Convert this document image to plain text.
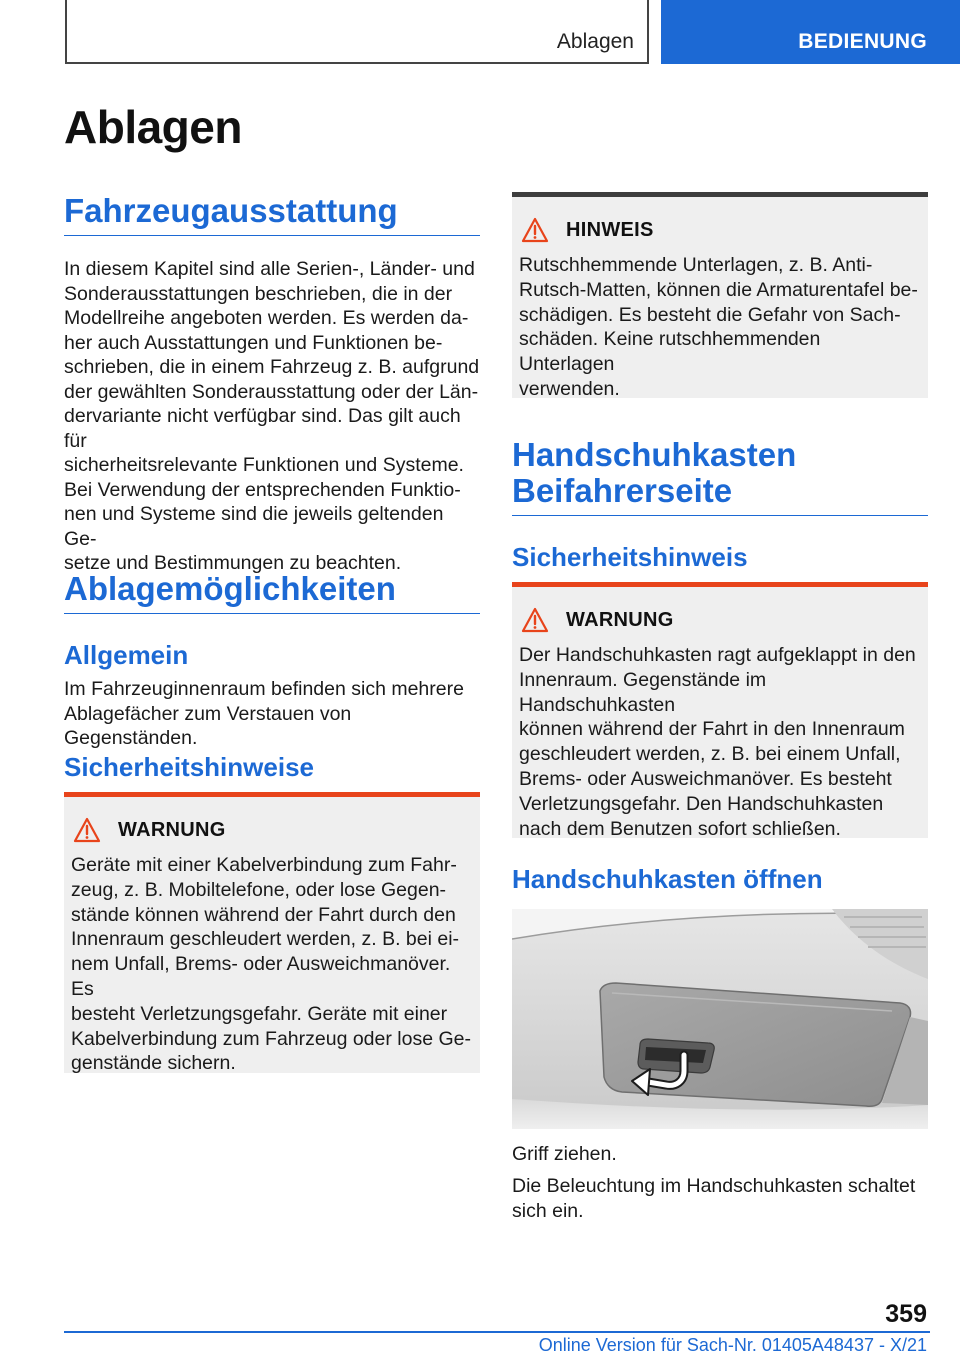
Ablagen	BEDIENUNG
Ablagen
Fahrzeugausstattung
In diesem Kapitel sind alle Serien-, Länder- und
Sonderausstattungen beschrieben, die in der
Modellreihe angeboten werden. Es werden da-
her auch Ausstattungen und Funktionen be-
schrieben, die in einem Fahrzeug z. B. aufgrund
der gewählten Sonderausstattung oder der Län-
dervariante nicht verfügbar sind. Das gilt auch für
sicherheitsrelevante Funktionen und Systeme.
Bei Verwendung der entsprechenden Funktio-
nen und Systeme sind die jeweils geltenden Ge-
setze und Bestimmungen zu beachten.
Ablagemöglichkeiten
Allgemein
Im Fahrzeuginnenraum befinden sich mehrere
Ablagefächer zum Verstauen von Gegenständen.
Sicherheitshinweise
WARNUNG
Geräte mit einer Kabelverbindung zum Fahr-
zeug, z. B. Mobiltelefone, oder lose Gegen-
stände können während der Fahrt durch den
Innenraum geschleudert werden, z. B. bei ei-
nem Unfall, Brems- oder Ausweichmanöver. Es
besteht Verletzungsgefahr. Geräte mit einer
Kabelverbindung zum Fahrzeug oder lose Ge-
genstände sichern.
HINWEIS
Rutschhemmende Unterlagen, z. B. Anti-
Rutsch-Matten, können die Armaturentafel be-
schädigen. Es besteht die Gefahr von Sach-
schäden. Keine rutschhemmenden Unterlagen
verwenden.
Handschuhkasten
Beifahrerseite
Sicherheitshinweis
WARNUNG
Der Handschuhkasten ragt aufgeklappt in den
Innenraum. Gegenstände im Handschuhkasten
können während der Fahrt in den Innenraum
geschleudert werden, z. B. bei einem Unfall,
Brems- oder Ausweichmanöver. Es besteht
Verletzungsgefahr. Den Handschuhkasten
nach dem Benutzen sofort schließen.
Handschuhkasten öffnen
Griff ziehen.
Die Beleuchtung im Handschuhkasten schaltet
sich ein.
359
Online Version für Sach-Nr. 01405A48437 - X/21
